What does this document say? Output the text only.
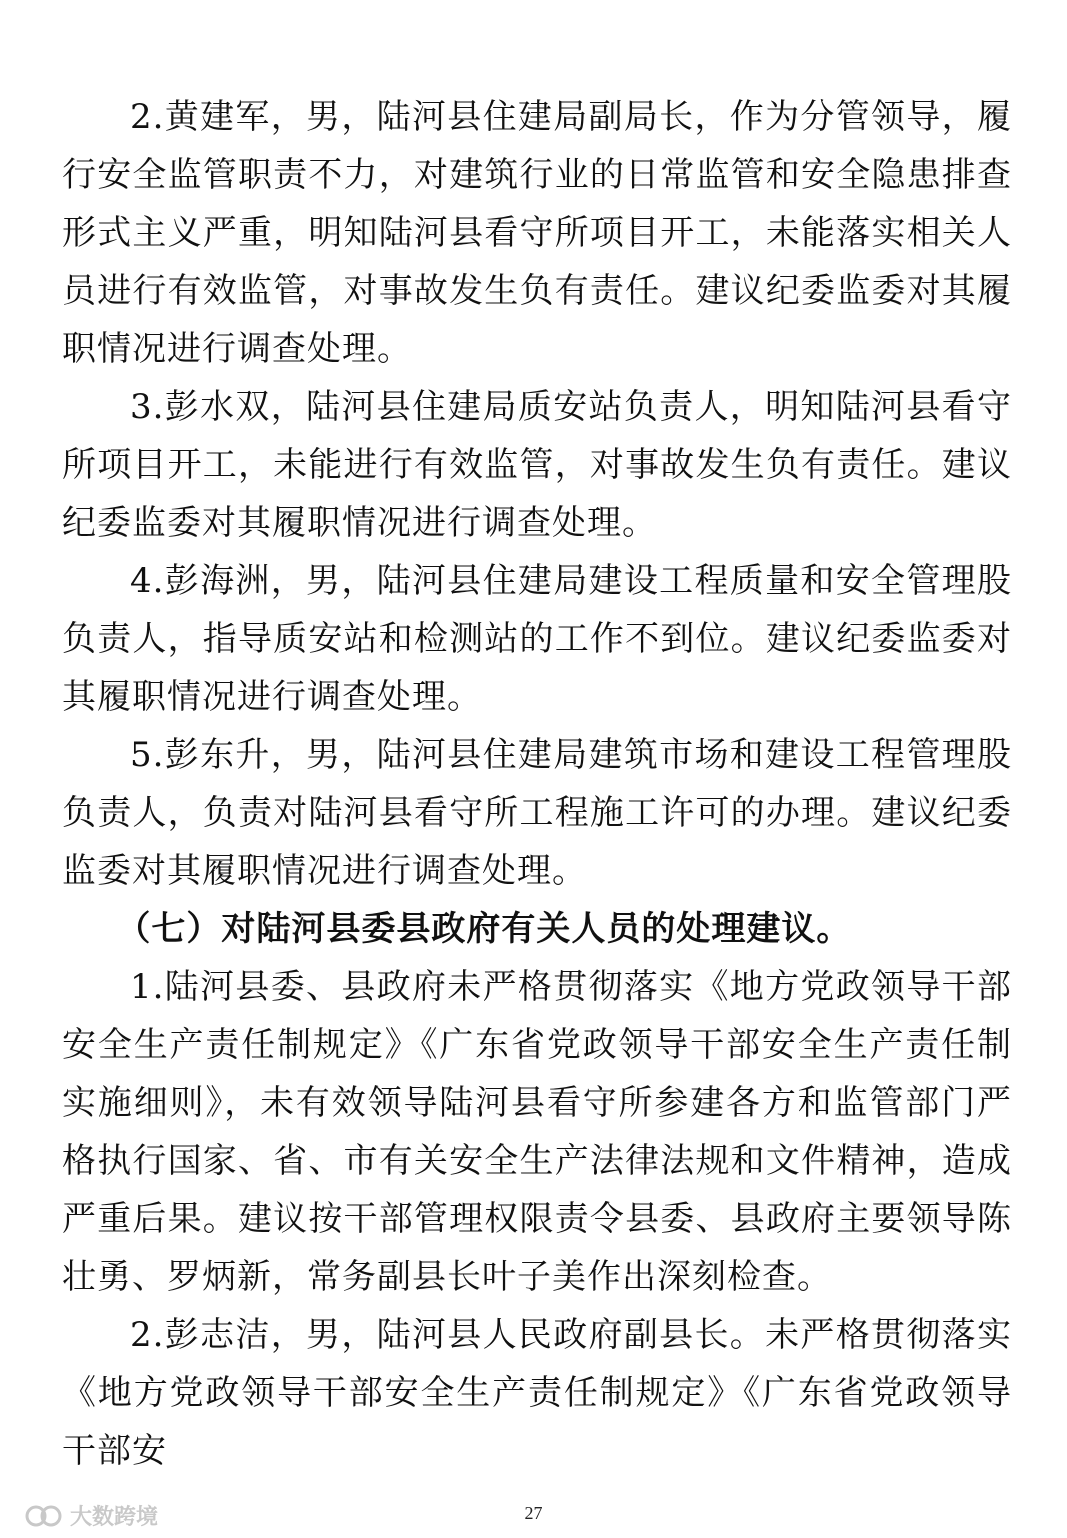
2.黄建军，男，陆河县住建局副局长，作为分管领导，履行安全监管职责不力，对建筑行业的日常监管和安全隐患排查形式主义严重，明知陆河县看守所项目开工，未能落实相关人员进行有效监管，对事故发生负有责任。建议纪委监委对其履职情况进行调查处理。

3.彭水双，陆河县住建局质安站负责人，明知陆河县看守所项目开工，未能进行有效监管，对事故发生负有责任。建议纪委监委对其履职情况进行调查处理。

4.彭海洲，男，陆河县住建局建设工程质量和安全管理股负责人，指导质安站和检测站的工作不到位。建议纪委监委对其履职情况进行调查处理。

5.彭东升，男，陆河县住建局建筑市场和建设工程管理股负责人，负责对陆河县看守所工程施工许可的办理。建议纪委监委对其履职情况进行调查处理。

（七）对陆河县委县政府有关人员的处理建议。

1.陆河县委、县政府未严格贯彻落实《地方党政领导干部安全生产责任制规定》《广东省党政领导干部安全生产责任制实施细则》，未有效领导陆河县看守所参建各方和监管部门严格执行国家、省、市有关安全生产法律法规和文件精神，造成严重后果。建议按干部管理权限责令县委、县政府主要领导陈壮勇、罗炳新，常务副县长叶子美作出深刻检查。

2.彭志洁，男，陆河县人民政府副县长。未严格贯彻落实《地方党政领导干部安全生产责任制规定》《广东省党政领导干部安

大数跨境	27
